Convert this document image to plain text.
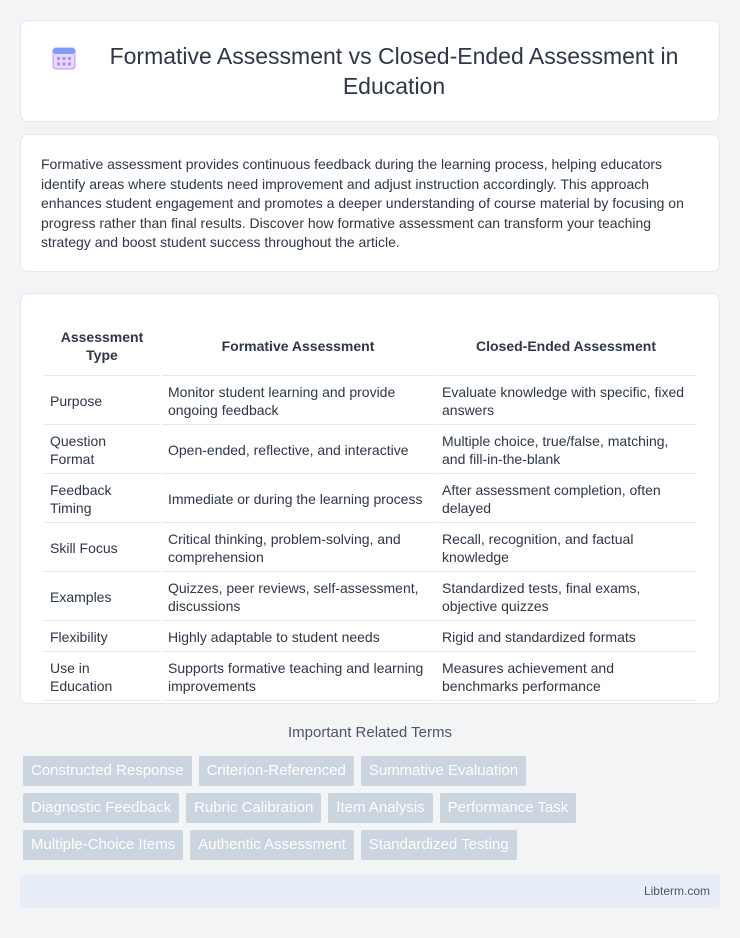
Formative Assessment vs Closed-Ended Assessment in Education

Formative assessment provides continuous feedback during the learning process, helping educators identify areas where students need improvement and adjust instruction accordingly. This approach enhances student engagement and promotes a deeper understanding of course material by focusing on progress rather than final results. Discover how formative assessment can transform your teaching strategy and boost student success throughout the article.

Assessment Type	Formative Assessment	Closed-Ended Assessment
Purpose	Monitor student learning and provide ongoing feedback	Evaluate knowledge with specific, fixed answers
Question Format	Open-ended, reflective, and interactive	Multiple choice, true/false, matching, and fill-in-the-blank
Feedback Timing	Immediate or during the learning process	After assessment completion, often delayed
Skill Focus	Critical thinking, problem-solving, and comprehension	Recall, recognition, and factual knowledge
Examples	Quizzes, peer reviews, self-assessment, discussions	Standardized tests, final exams, objective quizzes
Flexibility	Highly adaptable to student needs	Rigid and standardized formats
Use in Education	Supports formative teaching and learning improvements	Measures achievement and benchmarks performance
Important Related Terms
Constructed Response	Criterion-Referenced	Summative Evaluation
Diagnostic Feedback	Rubric Calibration	Item Analysis	Performance Task
Multiple-Choice Items	Authentic Assessment	Standardized Testing
Libterm.com
